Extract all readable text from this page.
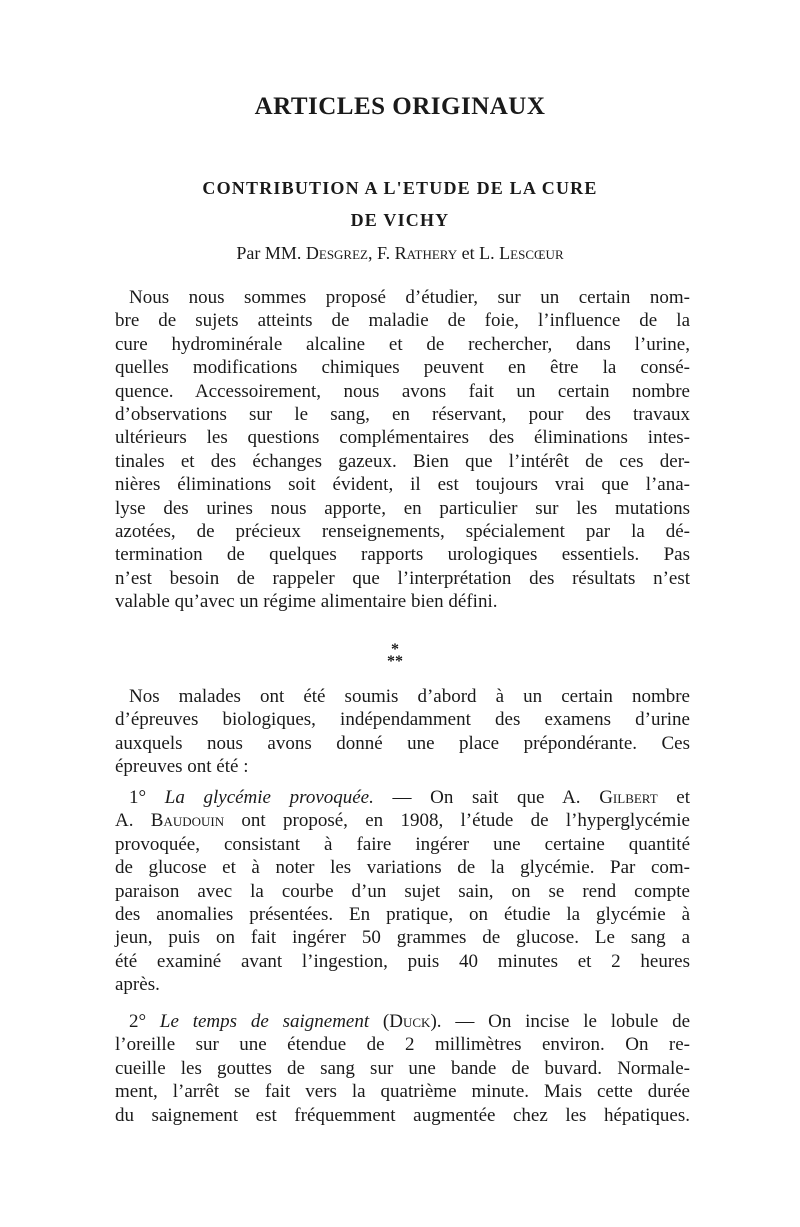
ARTICLES ORIGINAUX
CONTRIBUTION A L'ETUDE DE LA CURE
DE VICHY
Par MM. Desgrez, F. Rathery et L. Lescœur
Nous nous sommes proposé d’étudier, sur un certain nom-
bre de sujets atteints de maladie de foie, l’influence de la
cure hydrominérale alcaline et de rechercher, dans l’urine,
quelles modifications chimiques peuvent en être la consé-
quence. Accessoirement, nous avons fait un certain nombre
d’observations sur le sang, en réservant, pour des travaux
ultérieurs les questions complémentaires des éliminations intes-
tinales et des échanges gazeux. Bien que l’intérêt de ces der-
nières éliminations soit évident, il est toujours vrai que l’ana-
lyse des urines nous apporte, en particulier sur les mutations
azotées, de précieux renseignements, spécialement par la dé-
termination de quelques rapports urologiques essentiels. Pas
n’est besoin de rappeler que l’interprétation des résultats n’est
valable qu’avec un régime alimentaire bien défini.
*
**
Nos malades ont été soumis d’abord à un certain nombre
d’épreuves biologiques, indépendamment des examens d’urine
auxquels nous avons donné une place prépondérante. Ces
épreuves ont été :
1° La glycémie provoquée. — On sait que A. Gilbert et
A. Baudouin ont proposé, en 1908, l’étude de l’hyperglycémie
provoquée, consistant à faire ingérer une certaine quantité
de glucose et à noter les variations de la glycémie. Par com-
paraison avec la courbe d’un sujet sain, on se rend compte
des anomalies présentées. En pratique, on étudie la glycémie à
jeun, puis on fait ingérer 50 grammes de glucose. Le sang a
été examiné avant l’ingestion, puis 40 minutes et 2 heures
après.
2° Le temps de saignement (Duck). — On incise le lobule de
l’oreille sur une étendue de 2 millimètres environ. On re-
cueille les gouttes de sang sur une bande de buvard. Normale-
ment, l’arrêt se fait vers la quatrième minute. Mais cette durée
du saignement est fréquemment augmentée chez les hépatiques.
